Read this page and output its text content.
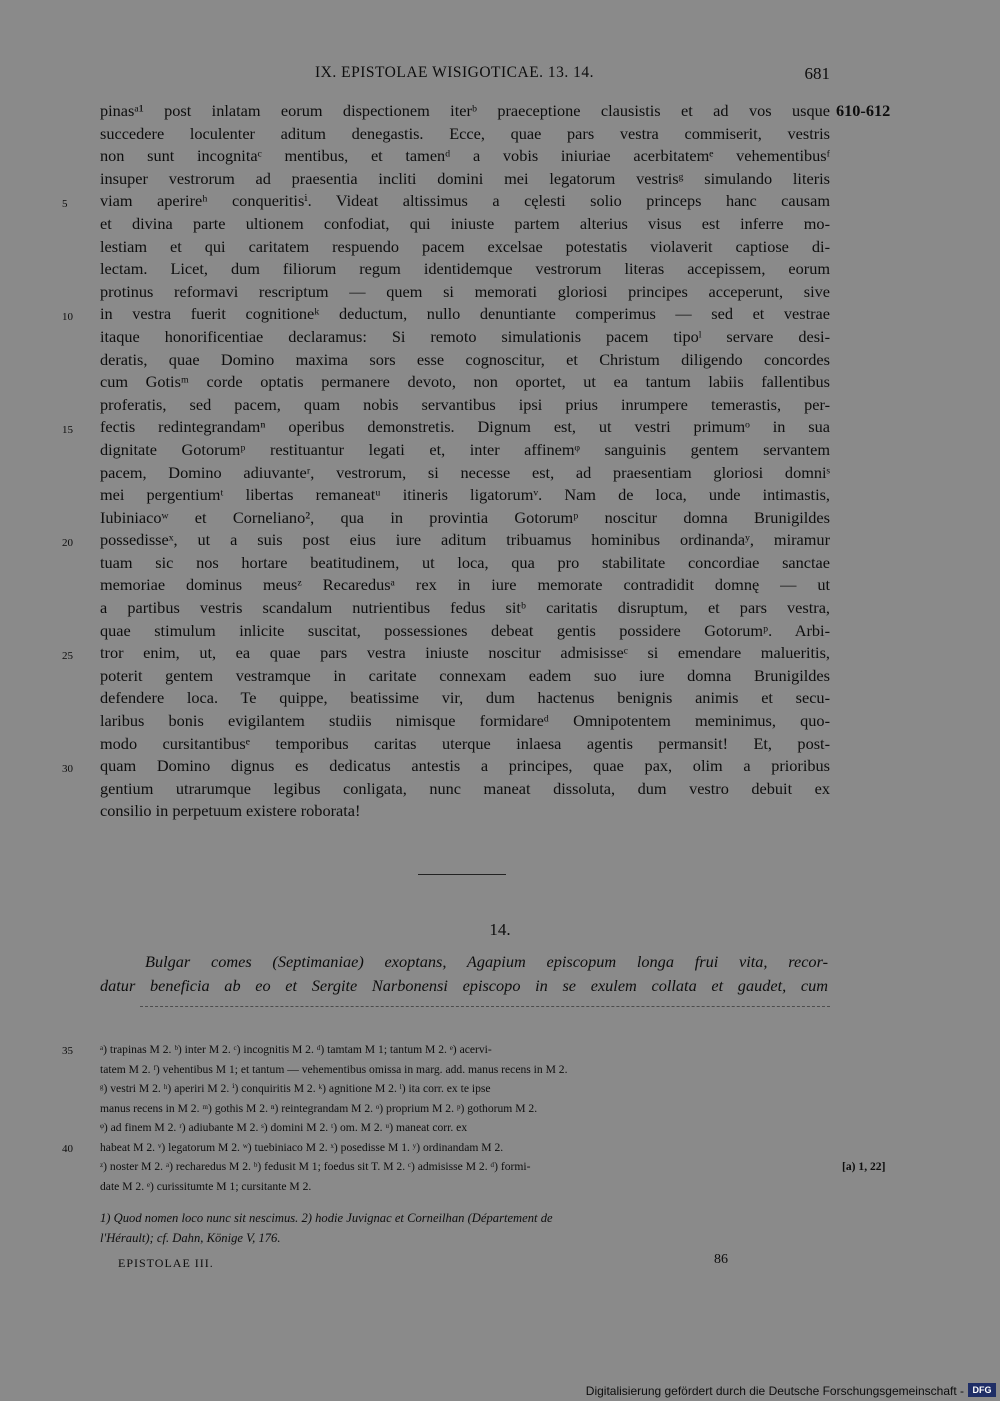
IX. EPISTOLAE WISIGOTICAE. 13. 14.	681
pinasᵃ¹ post inlatam eorum dispectionem iterᵇ praeceptione clausistis et ad vos usque 610-612
succedere loculenter aditum denegastis. Ecce, quae pars vestra commiserit, vestris
non sunt incognitaᶜ mentibus, et tamenᵈ a vobis iniuriae acerbitatemᵉ vehementibusᶠ
insuper vestrorum ad praesentia incliti domini mei legatorum vestrisᵍ simulando literis
5	viam aperireʰ conqueritisⁱ. Videat altissimus a cęlesti solio princeps hanc causam
et divina parte ultionem confodiat, qui iniuste partem alterius visus est inferre mo-
lestiam et qui caritatem respuendo pacem excelsae potestatis violaverit captiose di-
lectam. Licet, dum filiorum regum identidemque vestrorum literas accepissem, eorum
protinus reformavi rescriptum — quem si memorati gloriosi principes acceperunt, sive
10	in vestra fuerit cognitioneᵏ deductum, nullo denuntiante comperimus — sed et vestrae
itaque honorificentiae declaramus: Si remoto simulationis pacem tipoˡ servare desi-
deratis, quae Domino maxima sors esse cognoscitur, et Christum diligendo concordes
cum Gotisᵐ corde optatis permanere devoto, non oportet, ut ea tantum labiis fallentibus
proferatis, sed pacem, quam nobis servantibus ipsi prius inrumpere temerastis, per-
15	fectis redintegrandamⁿ operibus demonstretis. Dignum est, ut vestri primumᵒ in sua
dignitate Gotorumᵖ restituantur legati et, inter affinemᵠ sanguinis gentem servantem
pacem, Domino adiuvanteʳ, vestrorum, si necesse est, ad praesentiam gloriosi domniˢ
mei pergentiumᵗ libertas remaneatᵘ itineris ligatorumᵛ. Nam de loca, unde intimastis,
Iubiniacoʷ et Corneliano², qua in provintia Gotorumᵖ noscitur domna Brunigildes
20	possedisseˣ, ut a suis post eius iure aditum tribuamus hominibus ordinandaʸ, miramur
tuam sic nos hortare beatitudinem, ut loca, qua pro stabilitate concordiae sanctae
memoriae dominus meusᶻ Recaredusᵃ rex in iure memorate contradidit domnę — ut
a partibus vestris scandalum nutrientibus fedus sitᵇ caritatis disruptum, et pars vestra,
quae stimulum inlicite suscitat, possessiones debeat gentis possidere Gotorumᵖ. Arbi-
25	tror enim, ut, ea quae pars vestra iniuste noscitur admisisseᶜ si emendare malueritis,
poterit gentem vestramque in caritate connexam eadem suo iure domna Brunigildes
defendere loca. Te quippe, beatissime vir, dum hactenus benignis animis et secu-
laribus bonis evigilantem studiis nimisque formidareᵈ Omnipotentem meminimus, quo-
modo cursitantibusᵉ temporibus caritas uterque inlaesa agentis permansit! Et, post-
30	quam Domino dignus es dedicatus antestis a principes, quae pax, olim a prioribus
gentium utrarumque legibus conligata, nunc maneat dissoluta, dum vestro debuit ex
consilio in perpetuum existere roborata!
14.
Bulgar comes (Septimaniae) exoptans, Agapium episcopum longa frui vita, recor-
datur beneficia ab eo et Sergite Narbonensi episcopo in se exulem collata et gaudet, cum
35	ᵃ) trapinas M 2. ᵇ) inter M 2. ᶜ) incognitis M 2. ᵈ) tamtam M 1; tantum M 2. ᵉ) acervi-
tatem M 2. ᶠ) vehentibus M 1; et tantum — vehementibus omissa in marg. add. manus recens in M 2.
ᵍ) vestri M 2. ʰ) aperiri M 2. ⁱ) conquiritis M 2. ᵏ) agnitione M 2. ˡ) ita corr. ex te ipse
manus recens in M 2. ᵐ) gothis M 2. ⁿ) reintegrandam M 2. ᵒ) proprium M 2. ᵖ) gothorum M 2.
ᵠ) ad finem M 2. ʳ) adiubante M 2. ˢ) domini M 2. ᵗ) om. M 2. ᵘ) maneat corr. ex
40	habeat M 2. ᵛ) legatorum M 2. ʷ) tuebiniaco M 2. ˣ) posedisse M 1. ʸ) ordinandam M 2.
ᶻ) noster M 2. ᵃ) recharedus M 2. ᵇ) fedusit M 1; foedus sit T. M 2. ᶜ) admisisse M 2. ᵈ) formi-	[a) 1, 22]
date M 2. ᵉ) curissitumte M 1; cursitante M 2.
1) Quod nomen loco nunc sit nescimus. 2) hodie Juvignac et Corneilhan (Département de
l'Hérault); cf. Dahn, Könige V, 176.
EPISTOLAE III.	86
Digitalisierung gefördert durch die Deutsche Forschungsgemeinschaft - DFG
